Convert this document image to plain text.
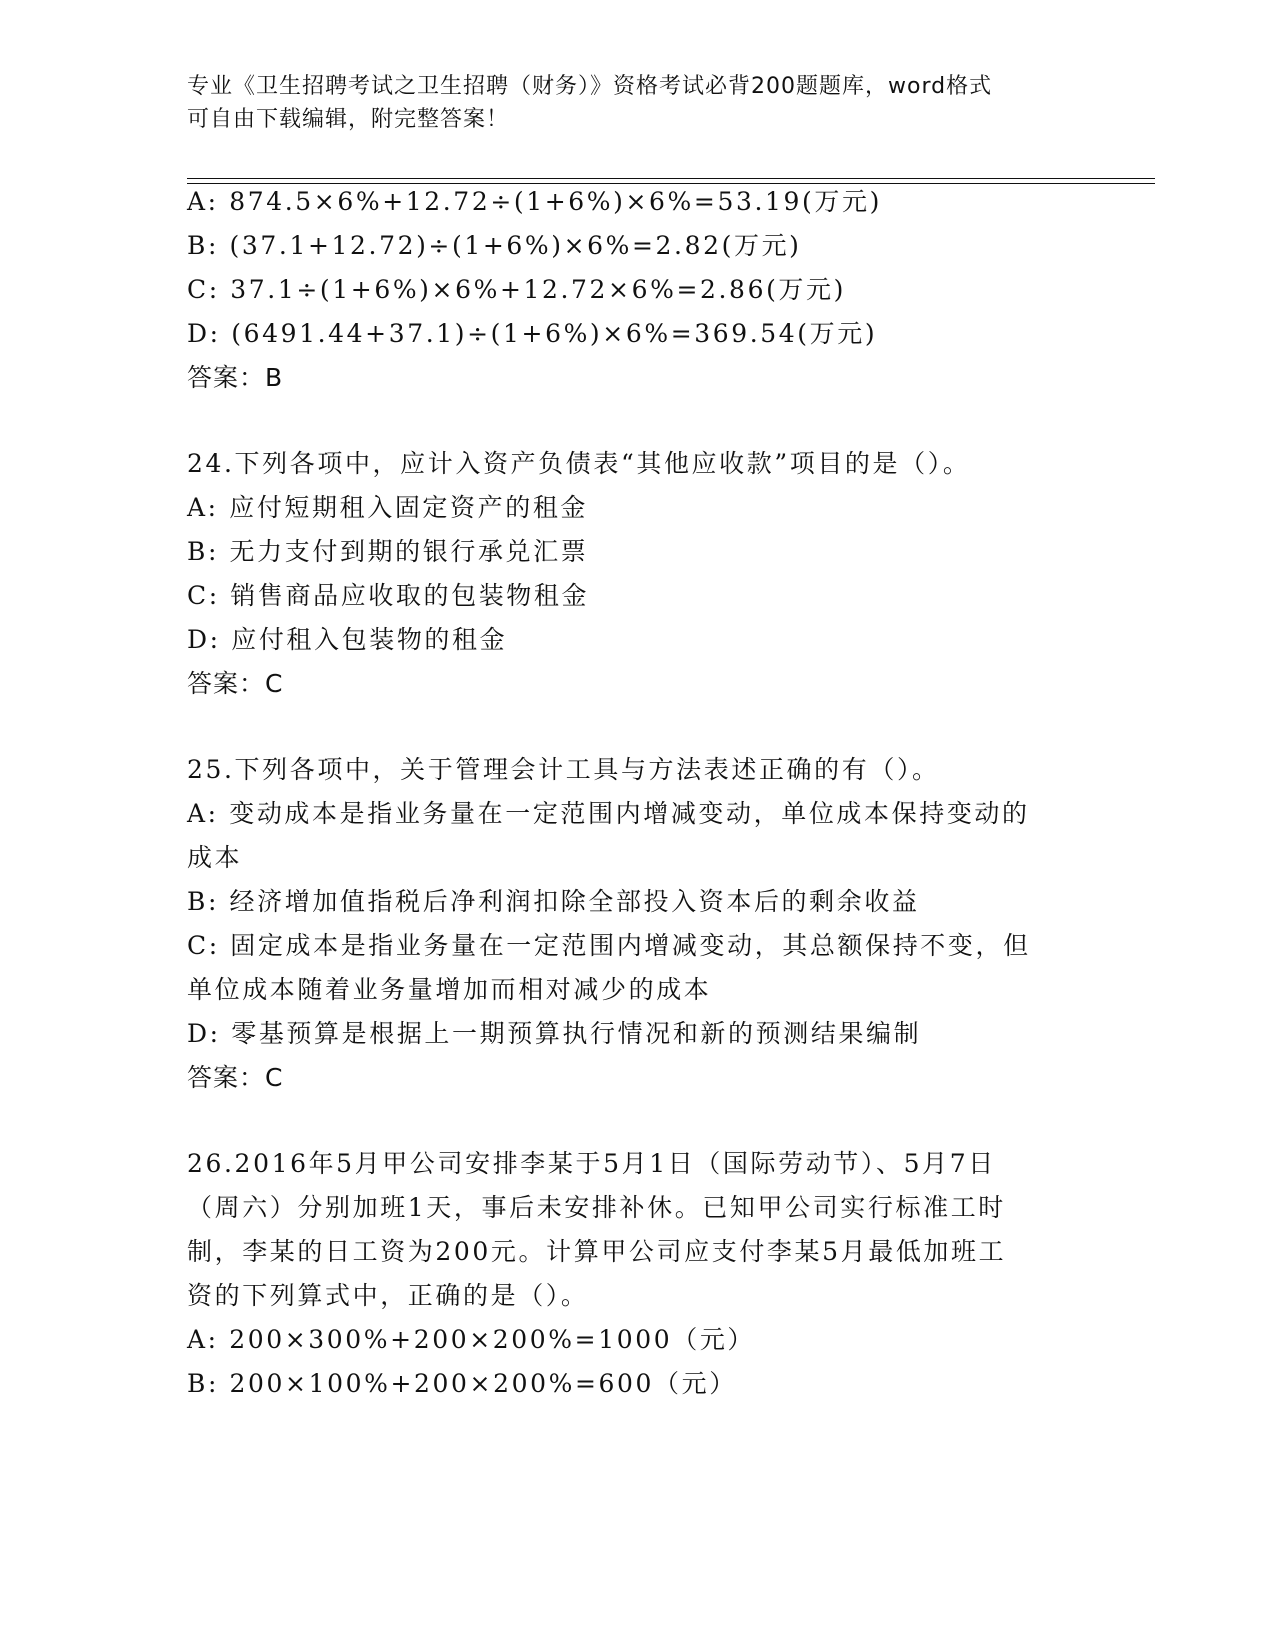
专业《卫生招聘考试之卫生招聘（财务）》资格考试必背200题题库，word格式
可自由下载编辑，附完整答案！
A: 874.5×6%+12.72÷(1+6%)×6%=53.19(万元)
B: (37.1+12.72)÷(1+6%)×6%=2.82(万元)
C: 37.1÷(1+6%)×6%+12.72×6%=2.86(万元)
D: (6491.44+37.1)÷(1+6%)×6%=369.54(万元)
答案：B
24.下列各项中，应计入资产负债表“其他应收款”项目的是（）。
A: 应付短期租入固定资产的租金
B: 无力支付到期的银行承兑汇票
C: 销售商品应收取的包装物租金
D: 应付租入包装物的租金
答案：C
25.下列各项中，关于管理会计工具与方法表述正确的有（）。
A: 变动成本是指业务量在一定范围内增减变动，单位成本保持变动的
成本
B: 经济增加值指税后净利润扣除全部投入资本后的剩余收益
C: 固定成本是指业务量在一定范围内增减变动，其总额保持不变，但
单位成本随着业务量增加而相对减少的成本
D: 零基预算是根据上一期预算执行情况和新的预测结果编制
答案：C
26.2016年5月甲公司安排李某于5月1日（国际劳动节）、5月7日
（周六）分别加班1天，事后未安排补休。已知甲公司实行标准工时
制，李某的日工资为200元。计算甲公司应支付李某5月最低加班工
资的下列算式中，正确的是（）。
A: 200×300%+200×200%=1000（元）
B: 200×100%+200×200%=600（元）
